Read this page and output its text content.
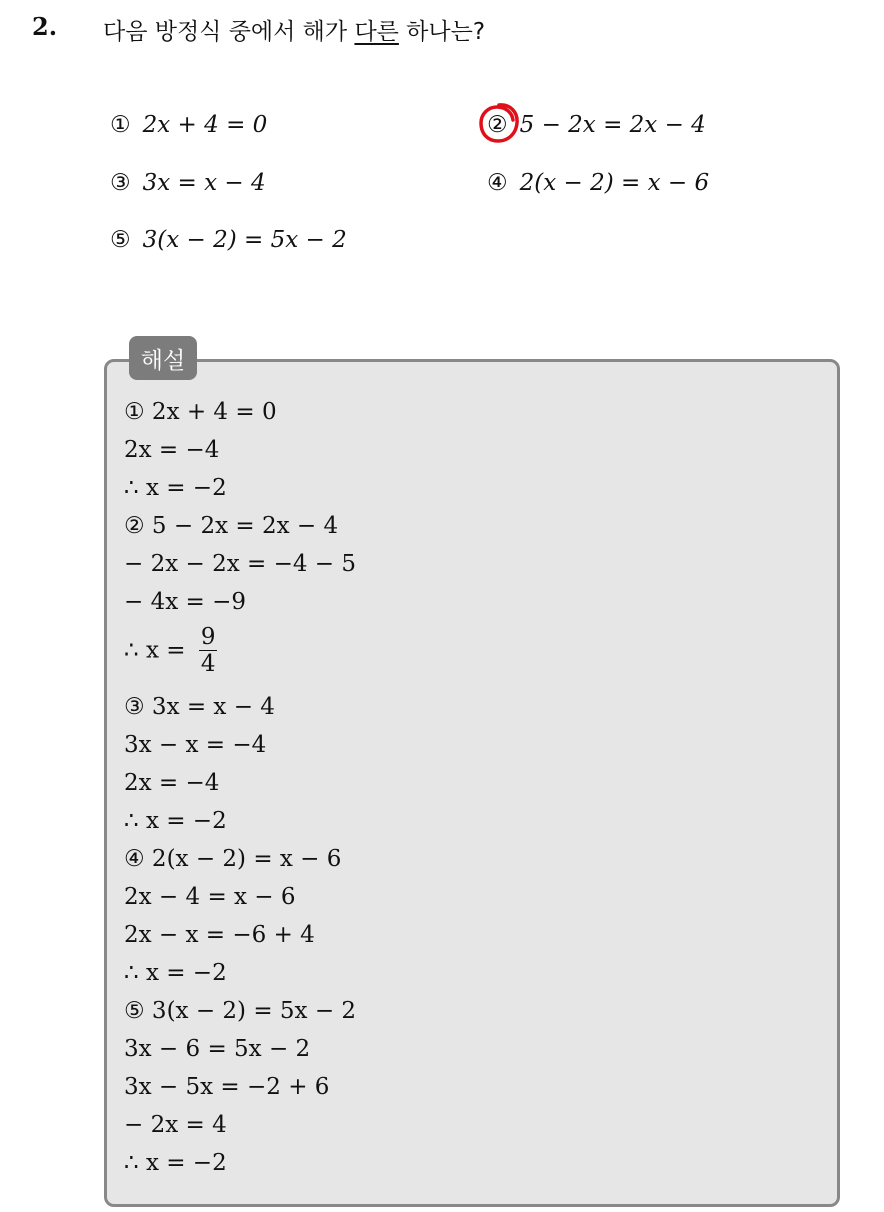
2. 다음 방정식 중에서 해가 다른 하나는?
① 2x + 4 = 0	② 5 − 2x = 2x − 4
③ 3x = x − 4	④ 2(x − 2) = x − 6
⑤ 3(x − 2) = 5x − 2
해설
① 2x + 4 = 0
2x = −4
∴ x = −2
② 5 − 2x = 2x − 4
− 2x − 2x = −4 − 5
− 4x = −9
∴ $x = \frac{9}{4}$
③ 3x = x − 4
3x − x = −4
2x = −4
∴ x = −2
④ 2(x − 2) = x − 6
2x − 4 = x − 6
2x − x = −6 + 4
∴ x = −2
⑤ 3(x − 2) = 5x − 2
3x − 6 = 5x − 2
3x − 5x = −2 + 6
− 2x = 4
∴ x = −2
